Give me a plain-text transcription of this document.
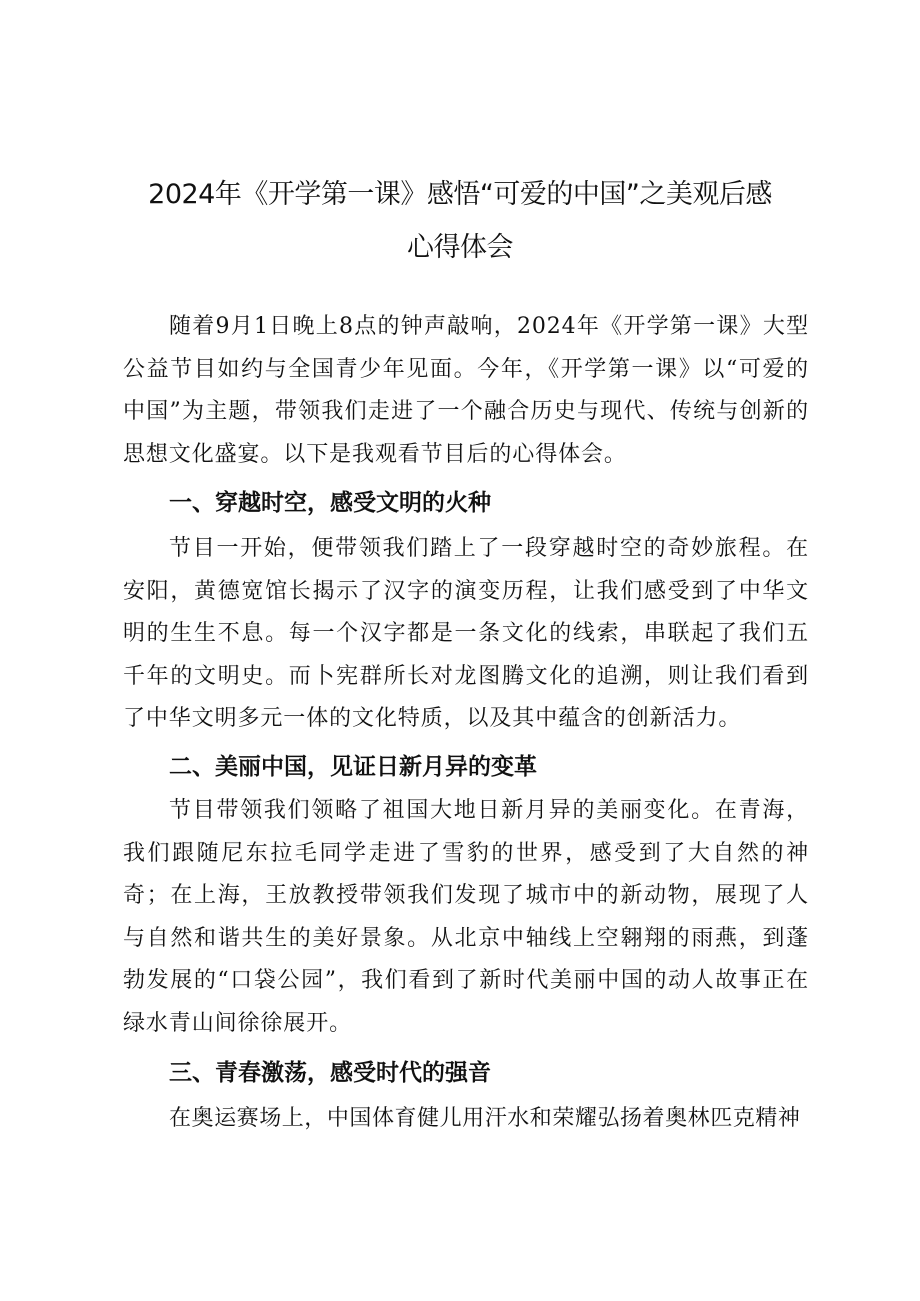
2024年《开学第一课》感悟“可爱的中国”之美观后感
心得体会

随着9月1日晚上8点的钟声敲响，2024年《开学第一课》大型公益节目如约与全国青少年见面。今年，《开学第一课》以“可爱的中国”为主题，带领我们走进了一个融合历史与现代、传统与创新的思想文化盛宴。以下是我观看节目后的心得体会。

一、穿越时空，感受文明的火种

节目一开始，便带领我们踏上了一段穿越时空的奇妙旅程。在安阳，黄德宽馆长揭示了汉字的演变历程，让我们感受到了中华文明的生生不息。每一个汉字都是一条文化的线索，串联起了我们五千年的文明史。而卜宪群所长对龙图腾文化的追溯，则让我们看到了中华文明多元一体的文化特质，以及其中蕴含的创新活力。

二、美丽中国，见证日新月异的变革

节目带领我们领略了祖国大地日新月异的美丽变化。在青海，我们跟随尼东拉毛同学走进了雪豹的世界，感受到了大自然的神奇；在上海，王放教授带领我们发现了城市中的新动物，展现了人与自然和谐共生的美好景象。从北京中轴线上空翱翔的雨燕，到蓬勃发展的“口袋公园”，我们看到了新时代美丽中国的动人故事正在绿水青山间徐徐展开。

三、青春激荡，感受时代的强音

在奥运赛场上，中国体育健儿用汗水和荣耀弘扬着奥林匹克精神
